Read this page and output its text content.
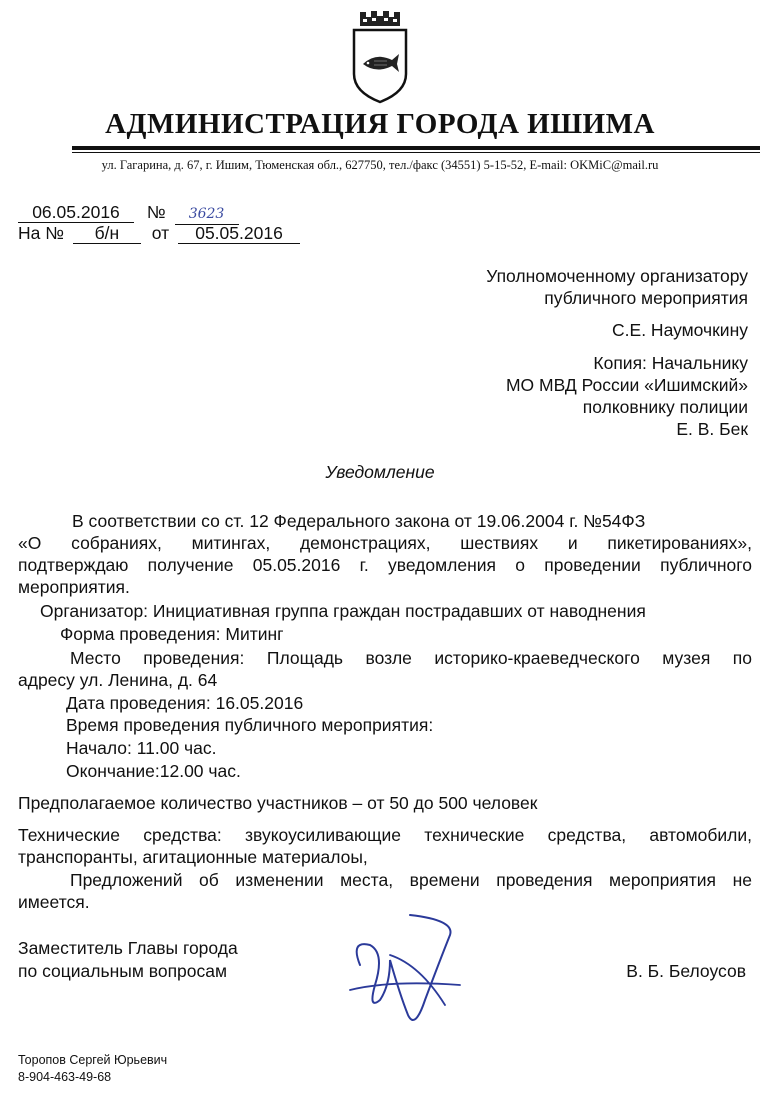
АДМИНИСТРАЦИЯ ГОРОДА ИШИМА
ул. Гагарина, д. 67, г. Ишим, Тюменская обл., 627750, тел./факс (34551) 5-15-52, E-mail: OKMiC@mail.ru
06.05.2016 № 3623
На № б/н от 05.05.2016
Уполномоченному организатору
публичного мероприятия
С.Е. Наумочкину
Копия: Начальнику
МО МВД России «Ишимский»
полковнику полиции
Е. В. Бек
Уведомление
В соответствии со ст. 12 Федерального закона от 19.06.2004 г. №54ФЗ
«О собраниях, митингах, демонстрациях, шествиях и пикетированиях»,
подтверждаю получение 05.05.2016 г. уведомления о проведении публичного
мероприятия.
Организатор: Инициативная группа граждан пострадавших от наводнения
Форма проведения: Митинг
Место проведения: Площадь возле историко-краеведческого музея по
адресу ул. Ленина, д. 64
Дата проведения: 16.05.2016
Время проведения публичного мероприятия:
Начало: 11.00 час.
Окончание:12.00 час.
Предполагаемое количество участников – от 50 до 500 человек
Технические средства: звукоусиливающие технические средства, автомобили,
транспоранты, агитационные материалоы,
Предложений об изменении места, времени проведения мероприятия не
имеется.
Заместитель Главы города
по социальным вопросам	В. Б. Белоусов
Торопов Сергей Юрьевич
8-904-463-49-68
